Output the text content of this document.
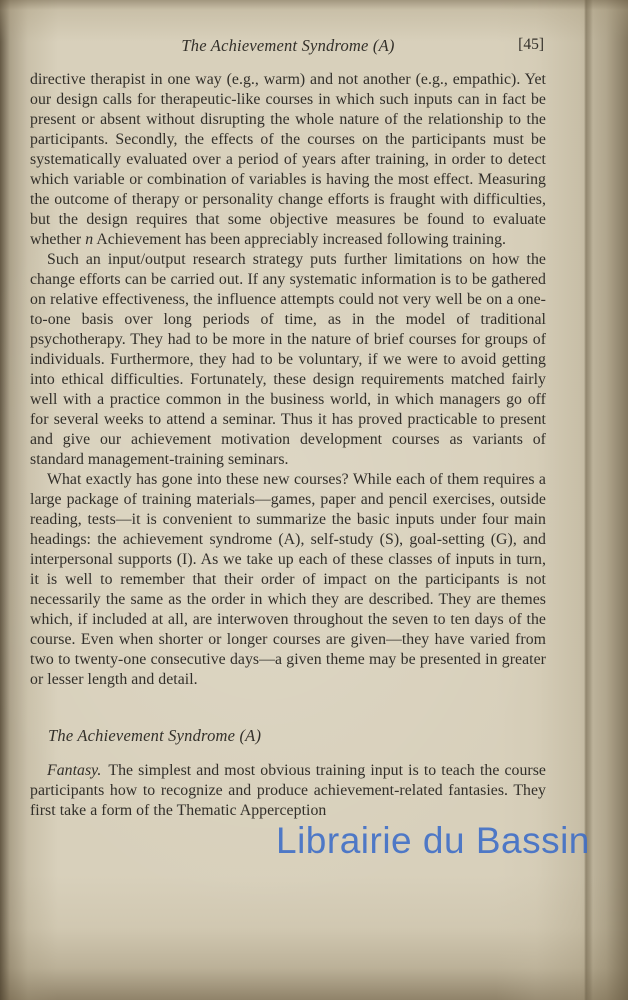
The Achievement Syndrome (A)	[45]

directive therapist in one way (e.g., warm) and not another (e.g., empathic). Yet our design calls for therapeutic-like courses in which such inputs can in fact be present or absent without disrupting the whole nature of the relationship to the participants. Secondly, the effects of the courses on the participants must be systematically evaluated over a period of years after training, in order to detect which variable or combination of variables is having the most effect. Measuring the outcome of therapy or personality change efforts is fraught with difficulties, but the design requires that some objective measures be found to evaluate whether n Achievement has been appreciably increased following training.

Such an input/output research strategy puts further limitations on how the change efforts can be carried out. If any systematic information is to be gathered on relative effectiveness, the influence attempts could not very well be on a one-to-one basis over long periods of time, as in the model of traditional psychotherapy. They had to be more in the nature of brief courses for groups of individuals. Furthermore, they had to be voluntary, if we were to avoid getting into ethical difficulties. Fortunately, these design requirements matched fairly well with a practice common in the business world, in which managers go off for several weeks to attend a seminar. Thus it has proved practicable to present and give our achievement motivation development courses as variants of standard management-training seminars.

What exactly has gone into these new courses? While each of them requires a large package of training materials—games, paper and pencil exercises, outside reading, tests—it is convenient to summarize the basic inputs under four main headings: the achievement syndrome (A), self-study (S), goal-setting (G), and interpersonal supports (I). As we take up each of these classes of inputs in turn, it is well to remember that their order of impact on the participants is not necessarily the same as the order in which they are described. They are themes which, if included at all, are interwoven throughout the seven to ten days of the course. Even when shorter or longer courses are given—they have varied from two to twenty-one consecutive days—a given theme may be presented in greater or lesser length and detail.

The Achievement Syndrome (A)

Fantasy. The simplest and most obvious training input is to teach the course participants how to recognize and produce achievement-related fantasies. They first take a form of the Thematic Apperception

Librairie du Bassin
